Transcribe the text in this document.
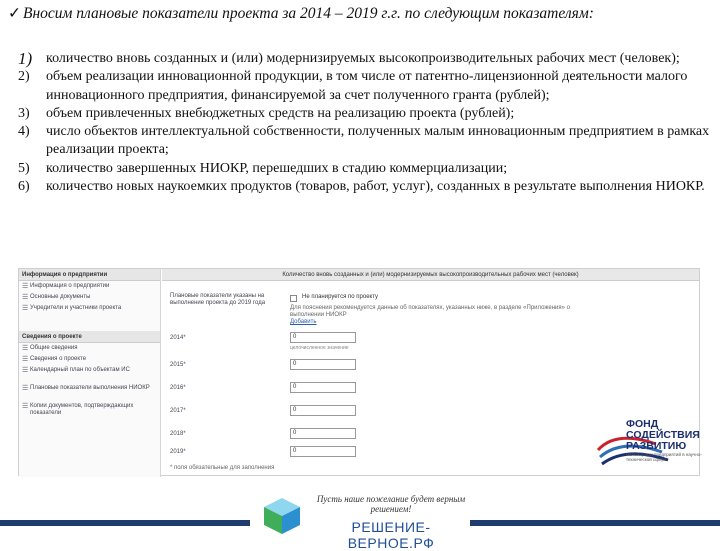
✓ Вносим плановые показатели проекта за 2014 – 2019 г.г. по следующим показателям:
1) количество вновь созданных и (или) модернизируемых высокопроизводительных рабочих мест (человек);
2)	объем реализации инновационной продукции, в том числе от патентно-лицензионной деятельности малого инновационного предприятия, финансируемой за счет полученного гранта (рублей);
3)	объем привлеченных внебюджетных средств на реализацию проекта (рублей);
4)	число объектов интеллектуальной собственности, полученных малым инновационным предприятием в рамках реализации проекта;
5)	количество завершенных НИОКР, перешедших в стадию коммерциализации;
6)	количество новых наукоемких продуктов (товаров, работ, услуг), созданных в результате выполнения НИОКР.
Информация о предприятии
☰ Информация о предприятии
☰ Основные документы
☰ Учредители и участники проекта
Сведения о проекте
☰ Общие сведения
☰ Сведения о проекте
☰ Календарный план по объектам ИС
☰ Плановые показатели выполнения НИОКР
☰ Копии документов, подтверждающих показатели
Количество вновь созданных и (или) модернизируемых высокопроизводительных рабочих мест (человек)
Плановые показатели указаны на выполнение проекта до 2019 года
Не планируется по проекту
Для пояснения рекомендуется данные об показателях, указанных ниже, в разделе «Приложения» о выполнении НИОКР
Добавить
2014*	0
целочисленное значение
2015*	0
2016*	0
2017*	0
2018*	0
2019*	0
* поля обязательные для заполнения
ФОНД
СОДЕЙСТВИЯ
РАЗВИТИЮ
малых форм предприятий в научно-технической сфере
Пусть наше пожелание будет верным решением!
РЕШЕНИЕ-ВЕРНОЕ.РФ
